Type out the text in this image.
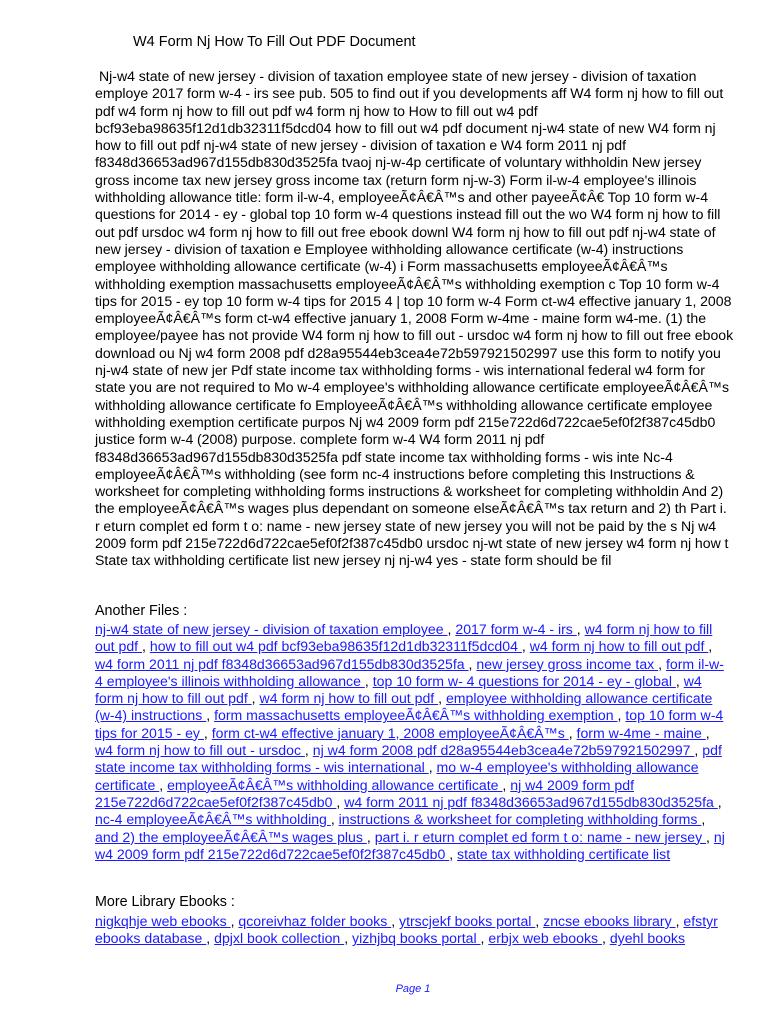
W4 Form Nj How To Fill Out PDF Document
Nj-w4 state of new jersey - division of taxation employee state of new jersey - division of taxation employe 2017 form w-4 - irs see pub. 505 to find out if you developments aff W4 form nj how to fill out pdf w4 form nj how to fill out pdf w4 form nj how to How to fill out w4 pdf bcf93eba98635f12d1db32311f5dcd04 how to fill out w4 pdf document nj-w4 state of new W4 form nj how to fill out pdf nj-w4 state of new jersey - division of taxation e W4 form 2011 nj pdf f8348d36653ad967d155db830d3525fa tvaoj nj-w-4p certificate of voluntary withholdin New jersey gross income tax new jersey gross income tax (return form nj-w-3) Form il-w-4 employee's illinois withholding allowance title: form il-w-4, employeeÃ¢Â€Â™s and other payeeÃ¢Â€ Top 10 form w-4 questions for 2014 - ey - global top 10 form w-4 questions instead fill out the wo W4 form nj how to fill out pdf ursdoc w4 form nj how to fill out free ebook downl W4 form nj how to fill out pdf nj-w4 state of new jersey - division of taxation e Employee withholding allowance certificate (w-4) instructions employee withholding allowance certificate (w-4) i Form massachusetts employeeÃ¢Â€Â™s withholding exemption massachusetts employeeÃ¢Â€Â™s withholding exemption c Top 10 form w-4 tips for 2015 - ey top 10 form w-4 tips for 2015 4 | top 10 form w-4 Form ct-w4 effective january 1, 2008 employeeÃ¢Â€Â™s form ct-w4 effective january 1, 2008 Form w-4me - maine form w4-me. (1) the employee/payee has not provide W4 form nj how to fill out - ursdoc w4 form nj how to fill out free ebook download ou Nj w4 form 2008 pdf d28a95544eb3cea4e72b597921502997 use this form to notify you nj-w4 state of new jer Pdf state income tax withholding forms - wis international federal w4 form for state you are not required to Mo w-4 employee's withholding allowance certificate employeeÃ¢Â€Â™s withholding allowance certificate fo EmployeeÃ¢Â€Â™s withholding allowance certificate employee withholding exemption certificate purpos Nj w4 2009 form pdf 215e722d6d722cae5ef0f2f387c45db0 justice form w-4 (2008) purpose. complete form w-4 W4 form 2011 nj pdf f8348d36653ad967d155db830d3525fa pdf state income tax withholding forms - wis inte Nc-4 employeeÃ¢Â€Â™s withholding (see form nc-4 instructions before completing this Instructions & worksheet for completing withholding forms instructions & worksheet for completing withholdin And 2) the employeeÃ¢Â€Â™s wages plus dependant on someone elseÃ¢Â€Â™s tax return and 2) th Part i. r eturn complet ed form t o: name - new jersey state of new jersey you will not be paid by the s Nj w4 2009 form pdf 215e722d6d722cae5ef0f2f387c45db0 ursdoc nj-wt state of new jersey w4 form nj how t State tax withholding certificate list new jersey nj nj-w4 yes - state form should be fil
Another Files :
nj-w4 state of new jersey - division of taxation employee , 2017 form w-4 - irs , w4 form nj how to fill out pdf , how to fill out w4 pdf bcf93eba98635f12d1db32311f5dcd04 , w4 form nj how to fill out pdf , w4 form 2011 nj pdf f8348d36653ad967d155db830d3525fa , new jersey gross income tax , form il-w-4 employee's illinois withholding allowance , top 10 form w- 4 questions for 2014 - ey - global , w4 form nj how to fill out pdf , w4 form nj how to fill out pdf , employee withholding allowance certificate (w-4) instructions , form massachusetts employeeÃ¢Â€Â™s withholding exemption , top 10 form w-4 tips for 2015 - ey , form ct-w4 effective january 1, 2008 employeeÃ¢Â€Â™s , form w-4me - maine , w4 form nj how to fill out - ursdoc , nj w4 form 2008 pdf d28a95544eb3cea4e72b597921502997 , pdf state income tax withholding forms - wis international , mo w-4 employee's withholding allowance certificate , employeeÃ¢Â€Â™s withholding allowance certificate , nj w4 2009 form pdf 215e722d6d722cae5ef0f2f387c45db0 , w4 form 2011 nj pdf f8348d36653ad967d155db830d3525fa , nc-4 employeeÃ¢Â€Â™s withholding , instructions & worksheet for completing withholding forms , and 2) the employeeÃ¢Â€Â™s wages plus , part i. r eturn complet ed form t o: name - new jersey , nj w4 2009 form pdf 215e722d6d722cae5ef0f2f387c45db0 , state tax withholding certificate list
More Library Ebooks :
nigkqhje web ebooks , qcoreivhaz folder books , ytrscjekf books portal , zncse ebooks library , efstyr ebooks database , dpjxl book collection , yizhjbq books portal , erbjx web ebooks , dyehl books
Page 1
